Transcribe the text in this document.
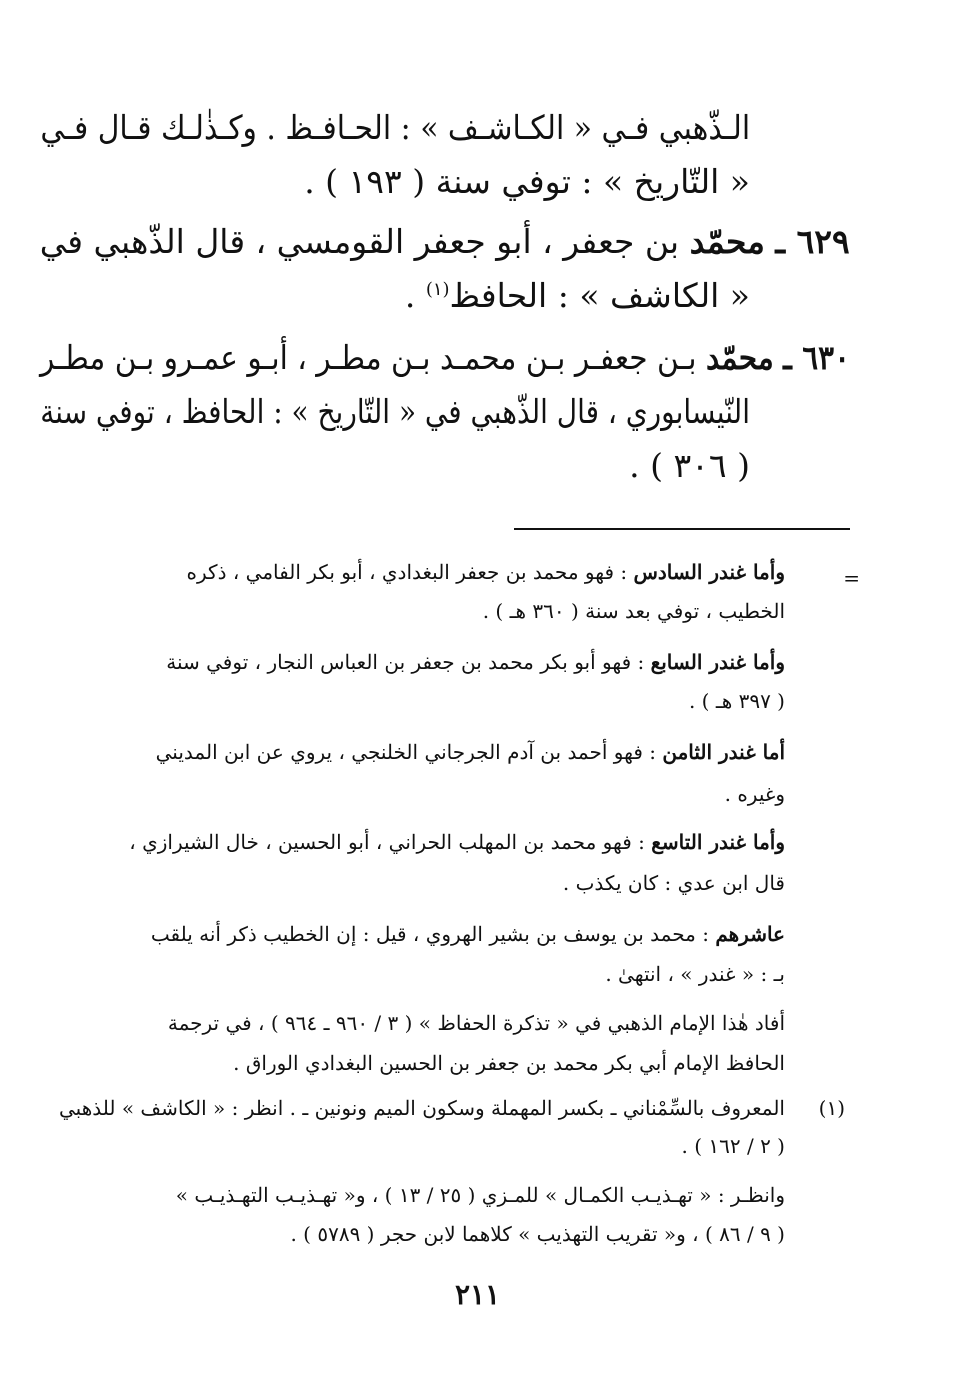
الـذّهبي فـي « الكـاشـف » : الحـافـظ . وكـذٰلـك قـال فـي
« التّاريخ » : توفي سنة ( ١٩٣ ) .
٦٢٩ ـ محمّد بن جعفر ، أبو جعفر القومسي ، قال الذّهبي في
« الكاشف » : الحافظ$^{(١)}$ .
٦٣٠ ـ محمّد بـن جعفـر بـن محمـد بـن مطـر ، أبـو عمـرو بـن مطـر
النّيسابوري ، قال الذّهبي في « التّاريخ » : الحافظ ، توفي سنة
( ٣٠٦ ) .
=
وأما غندر السادس : فهو محمد بن جعفر البغدادي ، أبو بكر الفامي ، ذكره
الخطيب ، توفي بعد سنة ( ٣٦٠ هـ ) .
وأما غندر السابع : فهو أبو بكر محمد بن جعفر بن العباس النجار ، توفي سنة
( ٣٩٧ هـ ) .
أما غندر الثامن : فهو أحمد بن آدم الجرجاني الخلنجي ، يروي عن ابن المديني
وغيره .
وأما غندر التاسع : فهو محمد بن المهلب الحراني ، أبو الحسين ، خال الشيرازي ،
قال ابن عدي : كان يكذب .
عاشرهم : محمد بن يوسف بن بشير الهروي ، قيل : إن الخطيب ذكر أنه يلقب
بـ : « غندر » ، انتهىٰ .
أفاد هٰذا الإمام الذهبي في « تذكرة الحفاظ » ( ٣ / ٩٦٠ ـ ٩٦٤ ) ، في ترجمة
الحافظ الإمام أبي بكر محمد بن جعفر بن الحسين البغدادي الوراق .
(١)
المعروف بالسِّمْناني ـ بكسر المهملة وسكون الميم ونونين ـ . انظر : « الكاشف » للذهبي
( ٢ / ١٦٢ ) .
وانظـر : « تهـذيـب الكمـال » للمـزي ( ٢٥ / ١٣ ) ، و« تهـذيـب التهـذيـب »
( ٩ / ٨٦ ) ، و« تقريب التهذيب » كلاهما لابن حجر ( ٥٧٨٩ ) .
٢١١
